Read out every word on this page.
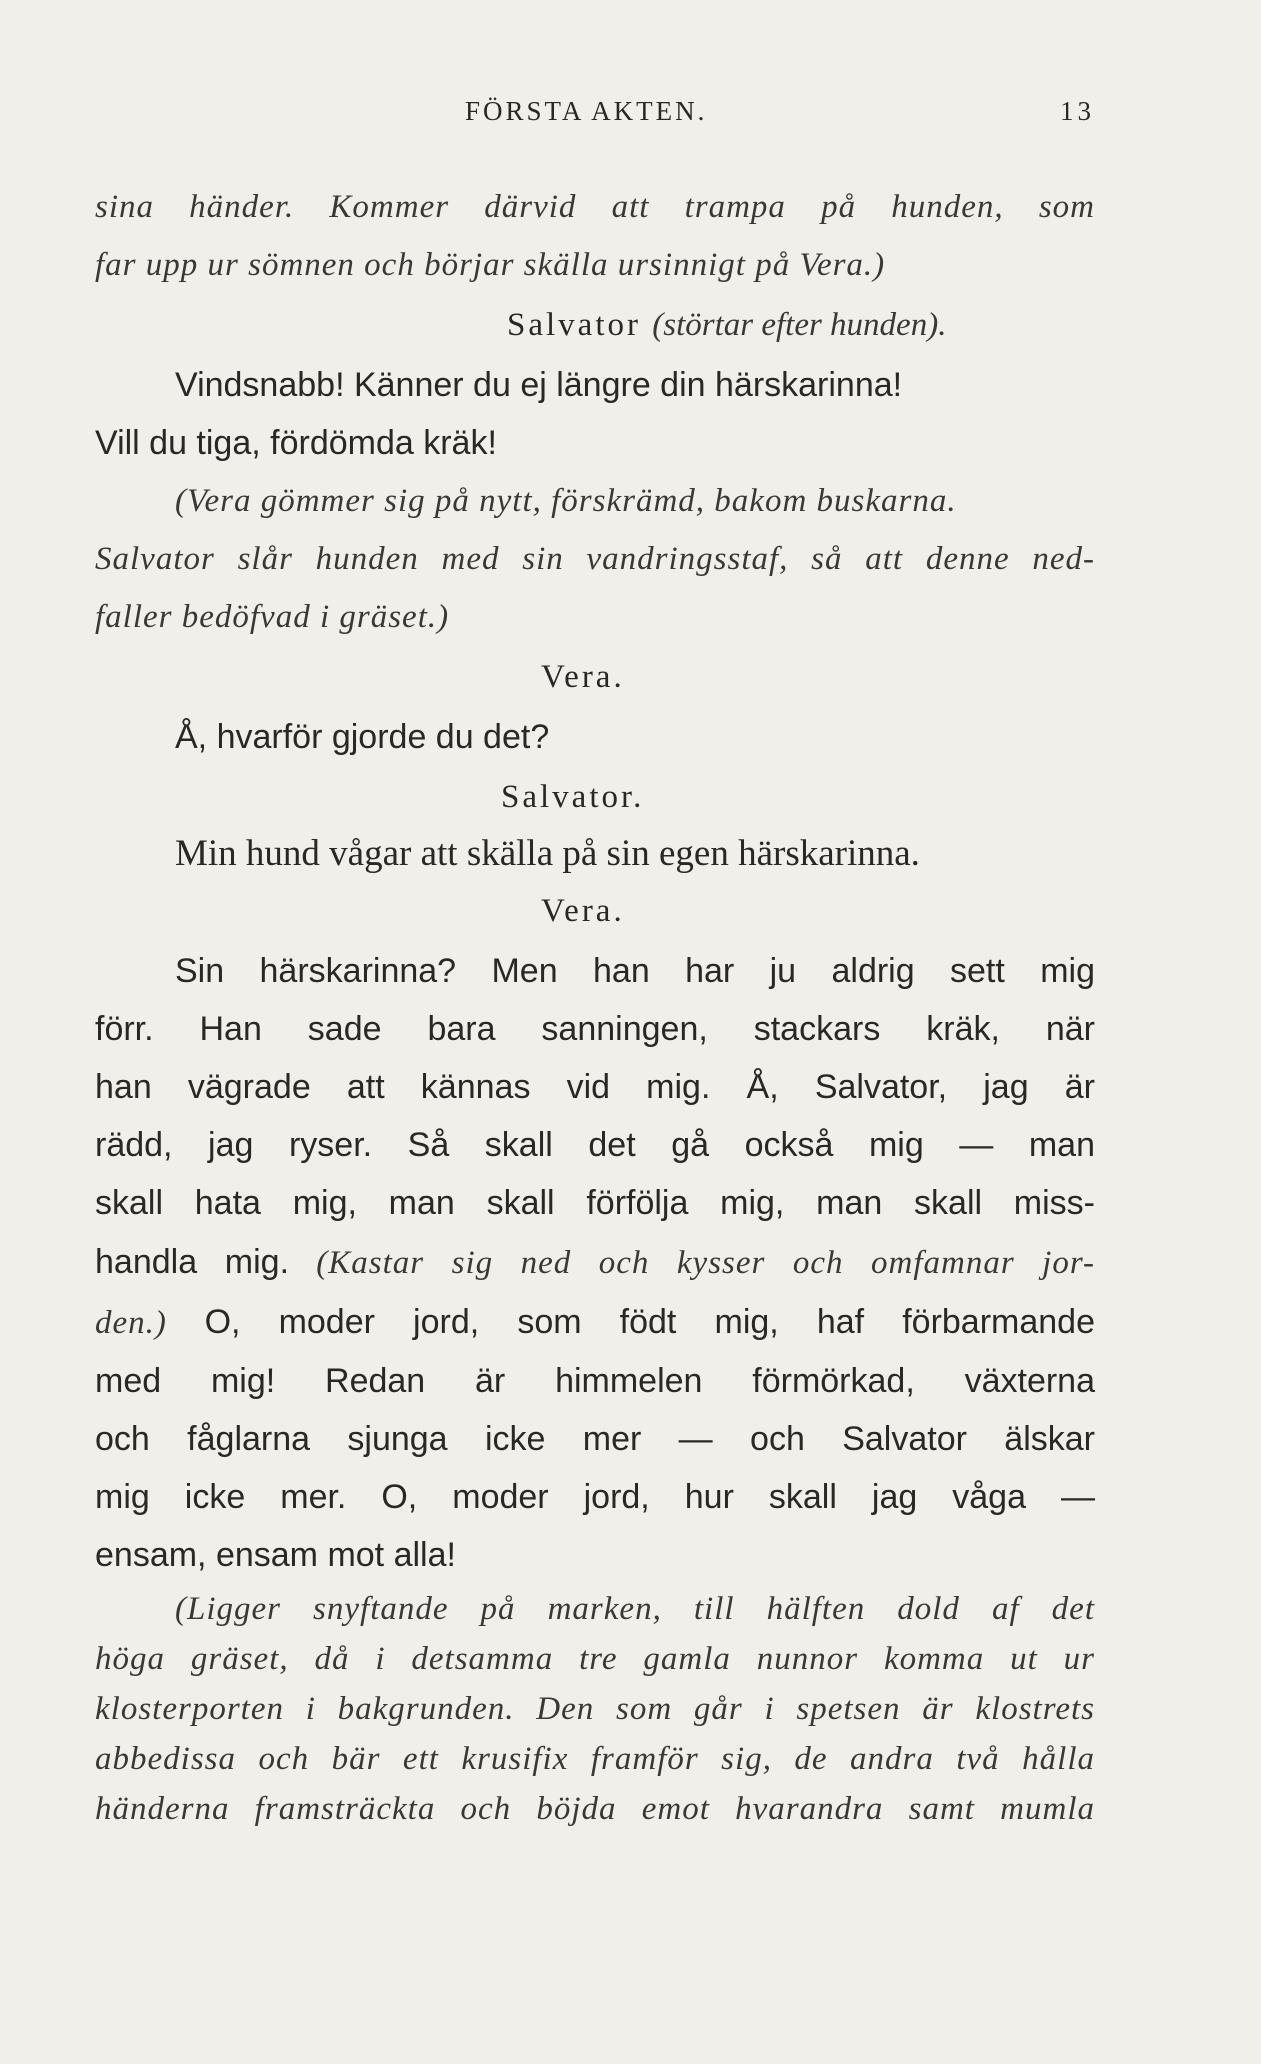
FÖRSTA AKTEN.	13
sina händer. Kommer därvid att trampa på hunden, som
far upp ur sömnen och börjar skälla ursinnigt på Vera.)
Salvator (störtar efter hunden).
Vindsnabb! Känner du ej längre din härskarinna!
Vill du tiga, fördömda kräk!
(Vera gömmer sig på nytt, förskrämd, bakom buskarna.
Salvator slår hunden med sin vandringsstaf, så att denne ned-
faller bedöfvad i gräset.)
Vera.
Å, hvarför gjorde du det?
Salvator.
Min hund vågar att skälla på sin egen härskarinna.
Vera.
Sin härskarinna? Men han har ju aldrig sett mig
förr. Han sade bara sanningen, stackars kräk, när
han vägrade att kännas vid mig. Å, Salvator, jag är
rädd, jag ryser. Så skall det gå också mig — man
skall hata mig, man skall förfölja mig, man skall miss-
handla mig. (Kastar sig ned och kysser och omfamnar jor-
den.) O, moder jord, som födt mig, haf förbarmande
med mig! Redan är himmelen förmörkad, växterna
och fåglarna sjunga icke mer — och Salvator älskar
mig icke mer. O, moder jord, hur skall jag våga —
ensam, ensam mot alla!
(Ligger snyftande på marken, till hälften dold af det
höga gräset, då i detsamma tre gamla nunnor komma ut ur
klosterporten i bakgrunden. Den som går i spetsen är klostrets
abbedissa och bär ett krusifix framför sig, de andra två hålla
händerna framsträckta och böjda emot hvarandra samt mumla
